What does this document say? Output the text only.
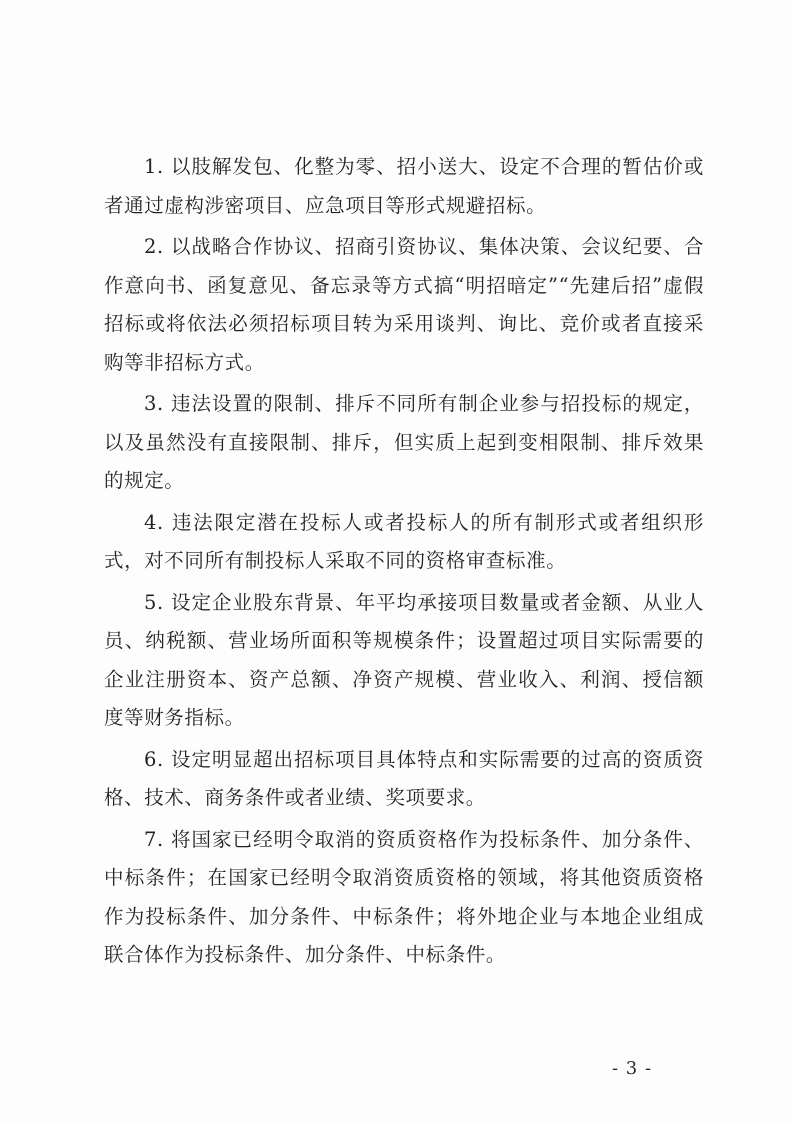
1. 以肢解发包、化整为零、招小送大、设定不合理的暂估价或者通过虚构涉密项目、应急项目等形式规避招标。

2. 以战略合作协议、招商引资协议、集体决策、会议纪要、合作意向书、函复意见、备忘录等方式搞“明招暗定”“先建后招”虚假招标或将依法必须招标项目转为采用谈判、询比、竞价或者直接采购等非招标方式。

3. 违法设置的限制、排斥不同所有制企业参与招投标的规定，以及虽然没有直接限制、排斥，但实质上起到变相限制、排斥效果的规定。

4. 违法限定潜在投标人或者投标人的所有制形式或者组织形式，对不同所有制投标人采取不同的资格审查标准。

5. 设定企业股东背景、年平均承接项目数量或者金额、从业人员、纳税额、营业场所面积等规模条件；设置超过项目实际需要的企业注册资本、资产总额、净资产规模、营业收入、利润、授信额度等财务指标。

6. 设定明显超出招标项目具体特点和实际需要的过高的资质资格、技术、商务条件或者业绩、奖项要求。

7. 将国家已经明令取消的资质资格作为投标条件、加分条件、中标条件；在国家已经明令取消资质资格的领域，将其他资质资格作为投标条件、加分条件、中标条件；将外地企业与本地企业组成联合体作为投标条件、加分条件、中标条件。

- 3 -
